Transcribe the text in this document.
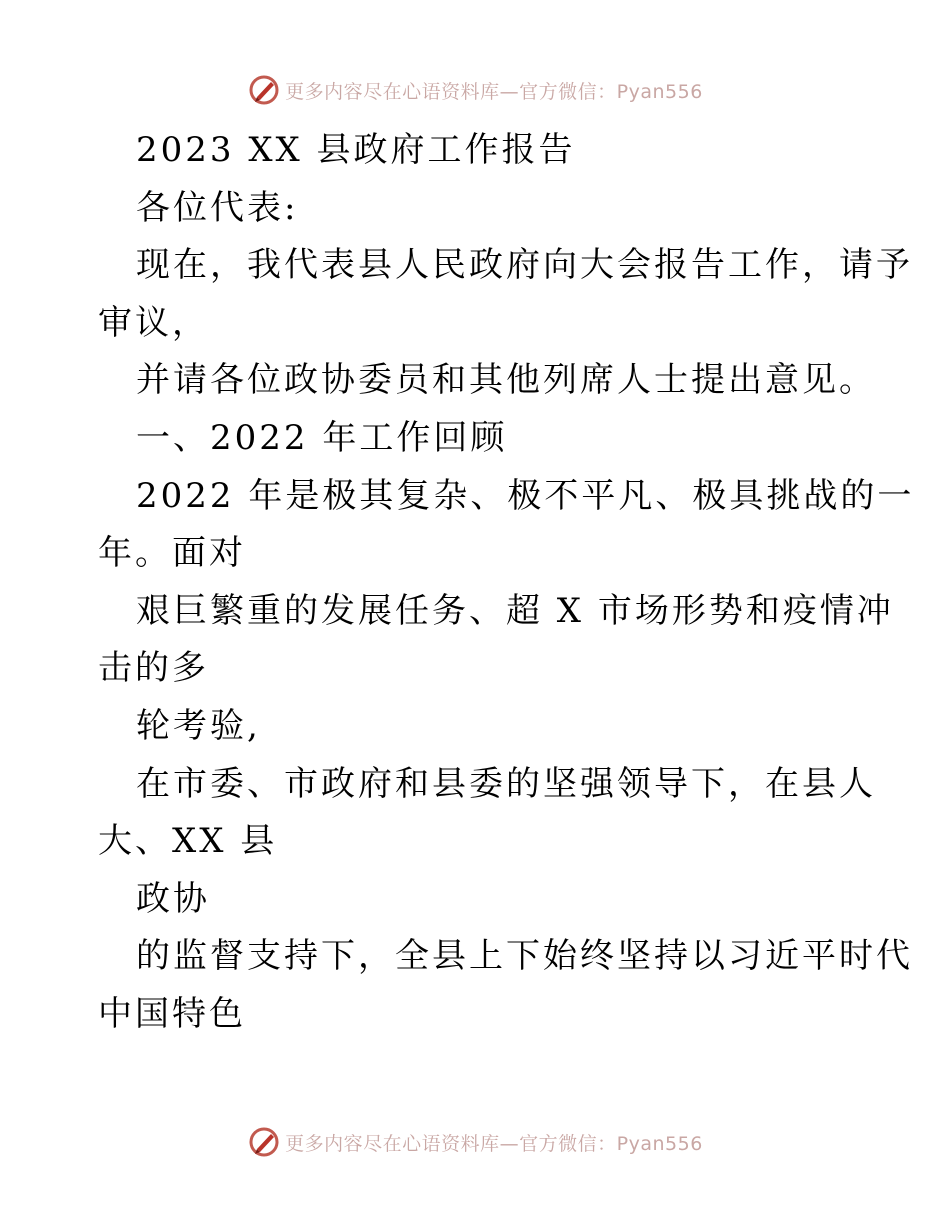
更多内容尽在心语资料库—官方微信：Pyan556
2023 XX 县政府工作报告
各位代表:
现在，我代表县人民政府向大会报告工作，请予
审议，
并请各位政协委员和其他列席人士提出意见。
一、2022 年工作回顾
2022 年是极其复杂、极不平凡、极具挑战的一
年。面对
艰巨繁重的发展任务、超 X 市场形势和疫情冲
击的多
轮考验,
在市委、市政府和县委的坚强领导下，在县人
大、XX 县
政协
的监督支持下，全县上下始终坚持以习近平时代
中国特色
更多内容尽在心语资料库—官方微信：Pyan556
